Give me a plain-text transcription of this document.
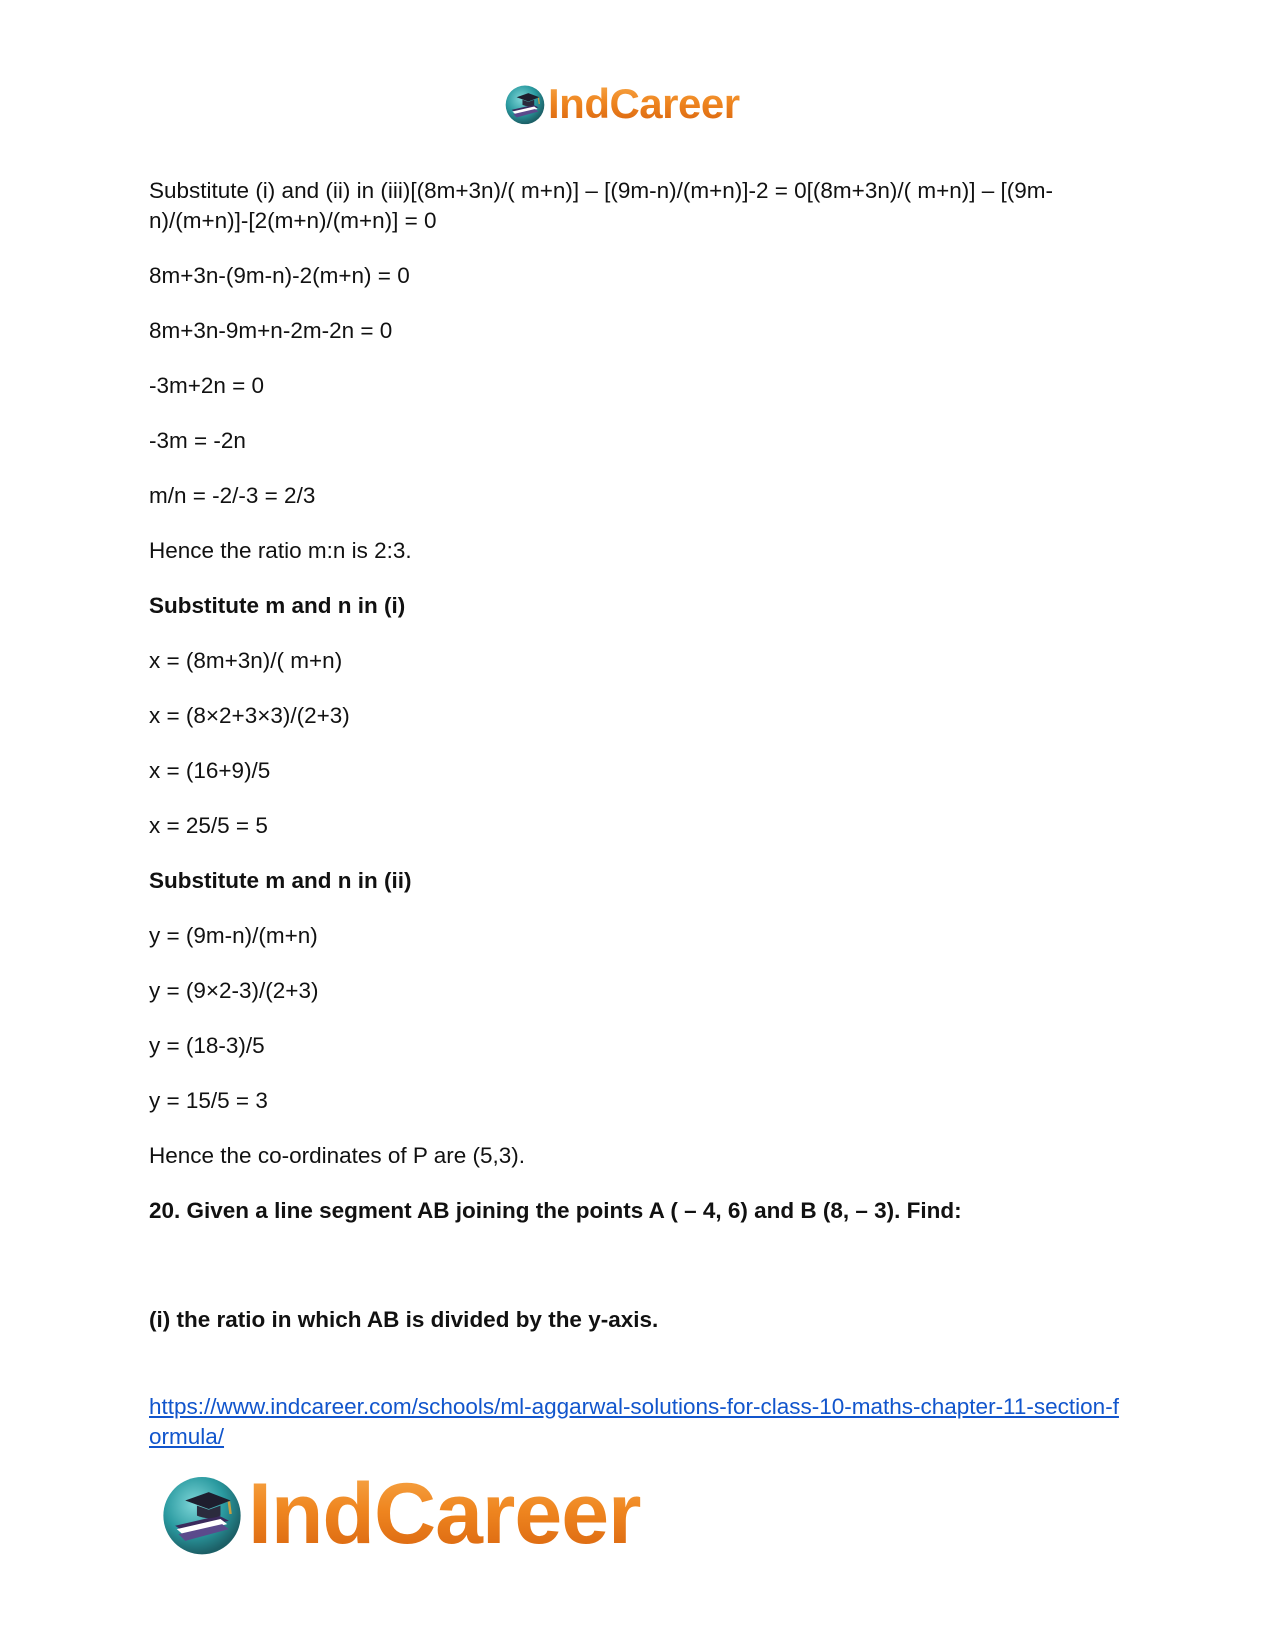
IndCareer

Substitute (i) and (ii) in (iii)[(8m+3n)/( m+n)] – [(9m-n)/(m+n)]-2 = 0[(8m+3n)/( m+n)] – [(9m-n)/(m+n)]-[2(m+n)/(m+n)] = 0

8m+3n-(9m-n)-2(m+n) = 0

8m+3n-9m+n-2m-2n = 0

-3m+2n = 0

-3m = -2n

m/n = -2/-3 = 2/3

Hence the ratio m:n is 2:3.

Substitute m and n in (i)

x = (8m+3n)/( m+n)

x = (8×2+3×3)/(2+3)

x = (16+9)/5

x = 25/5 = 5

Substitute m and n in (ii)

y = (9m-n)/(m+n)

y = (9×2-3)/(2+3)

y = (18-3)/5

y = 15/5 = 3

Hence the co-ordinates of P are (5,3).

20. Given a line segment AB joining the points A ( – 4, 6) and B (8, – 3). Find:

(i) the ratio in which AB is divided by the y-axis.

https://www.indcareer.com/schools/ml-aggarwal-solutions-for-class-10-maths-chapter-11-section-formula/
IndCareer
